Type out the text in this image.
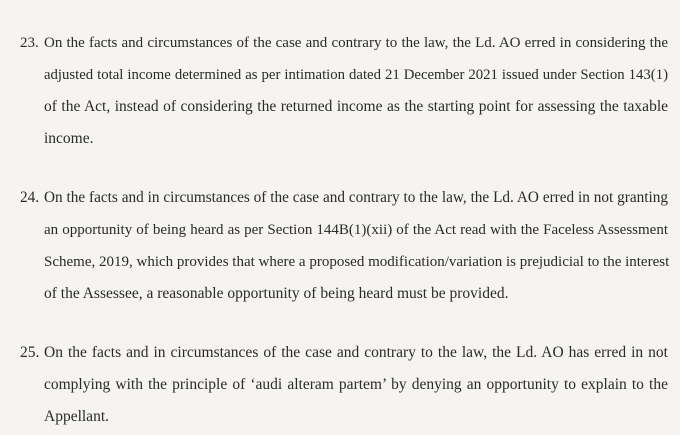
23. On the facts and circumstances of the case and contrary to the law, the Ld. AO erred in considering the
adjusted total income determined as per intimation dated 21 December 2021 issued under Section 143(1)
of the Act, instead of considering the returned income as the starting point for assessing the taxable
income.
24. On the facts and in circumstances of the case and contrary to the law, the Ld. AO erred in not granting
an opportunity of being heard as per Section 144B(1)(xii) of the Act read with the Faceless Assessment
Scheme, 2019, which provides that where a proposed modification/variation is prejudicial to the interest
of the Assessee, a reasonable opportunity of being heard must be provided.
25. On the facts and in circumstances of the case and contrary to the law, the Ld. AO has erred in not
complying with the principle of ‘audi alteram partem’ by denying an opportunity to explain to the
Appellant.
